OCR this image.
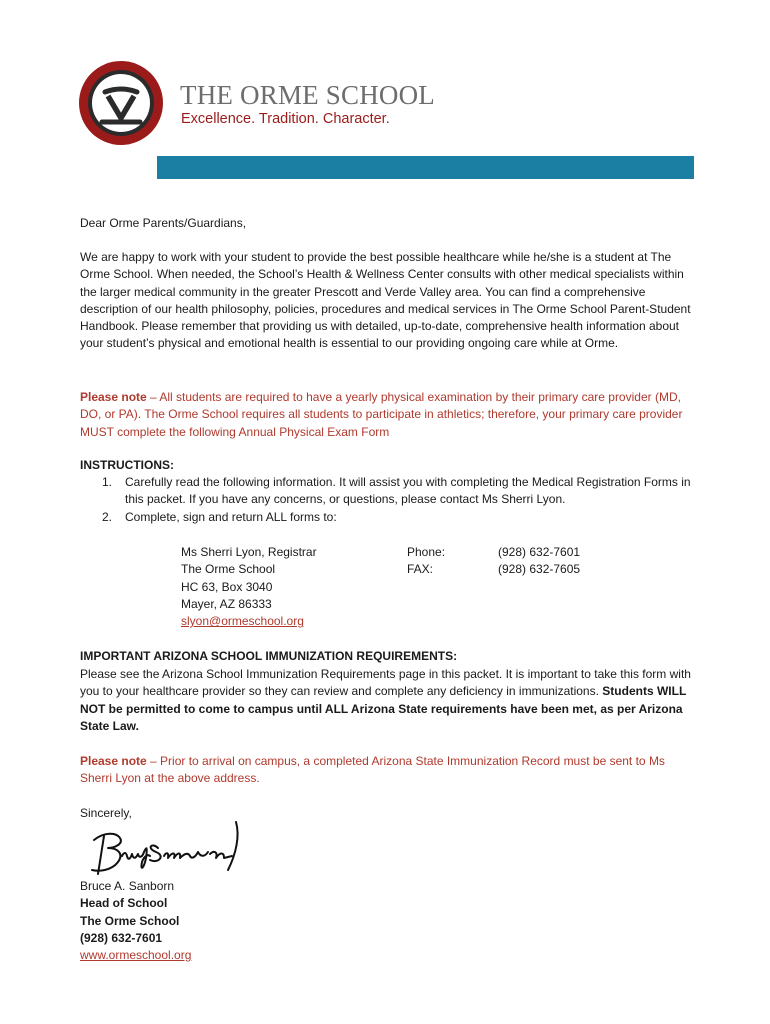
THE ORME SCHOOL
Excellence. Tradition. Character.

Dear Orme Parents/Guardians,

We are happy to work with your student to provide the best possible healthcare while he/she is a student at The Orme School. When needed, the School’s Health & Wellness Center consults with other medical specialists within the larger medical community in the greater Prescott and Verde Valley area. You can find a comprehensive description of our health philosophy, policies, procedures and medical services in The Orme School Parent-Student Handbook. Please remember that providing us with detailed, up-to-date, comprehensive health information about your student’s physical and emotional health is essential to our providing ongoing care while at Orme.

Please note – All students are required to have a yearly physical examination by their primary care provider (MD, DO, or PA). The Orme School requires all students to participate in athletics; therefore, your primary care provider MUST complete the following Annual Physical Exam Form

INSTRUCTIONS:

1. Carefully read the following information. It will assist you with completing the Medical Registration Forms in this packet. If you have any concerns, or questions, please contact Ms Sherri Lyon.
2. Complete, sign and return ALL forms to:
Ms Sherri Lyon, Registrar
The Orme School
HC 63, Box 3040
Mayer, AZ 86333
slyon@ormeschool.org
Phone:
FAX:
(928) 632-7601
(928) 632-7605

IMPORTANT ARIZONA SCHOOL IMMUNIZATION REQUIREMENTS:

Please see the Arizona School Immunization Requirements page in this packet. It is important to take this form with you to your healthcare provider so they can review and complete any deficiency in immunizations. Students WILL NOT be permitted to come to campus until ALL Arizona State requirements have been met, as per Arizona State Law.

Please note – Prior to arrival on campus, a completed Arizona State Immunization Record must be sent to Ms Sherri Lyon at the above address.

Sincerely,

Bruce A. Sanborn
Head of School
The Orme School
(928) 632-7601
www.ormeschool.org
